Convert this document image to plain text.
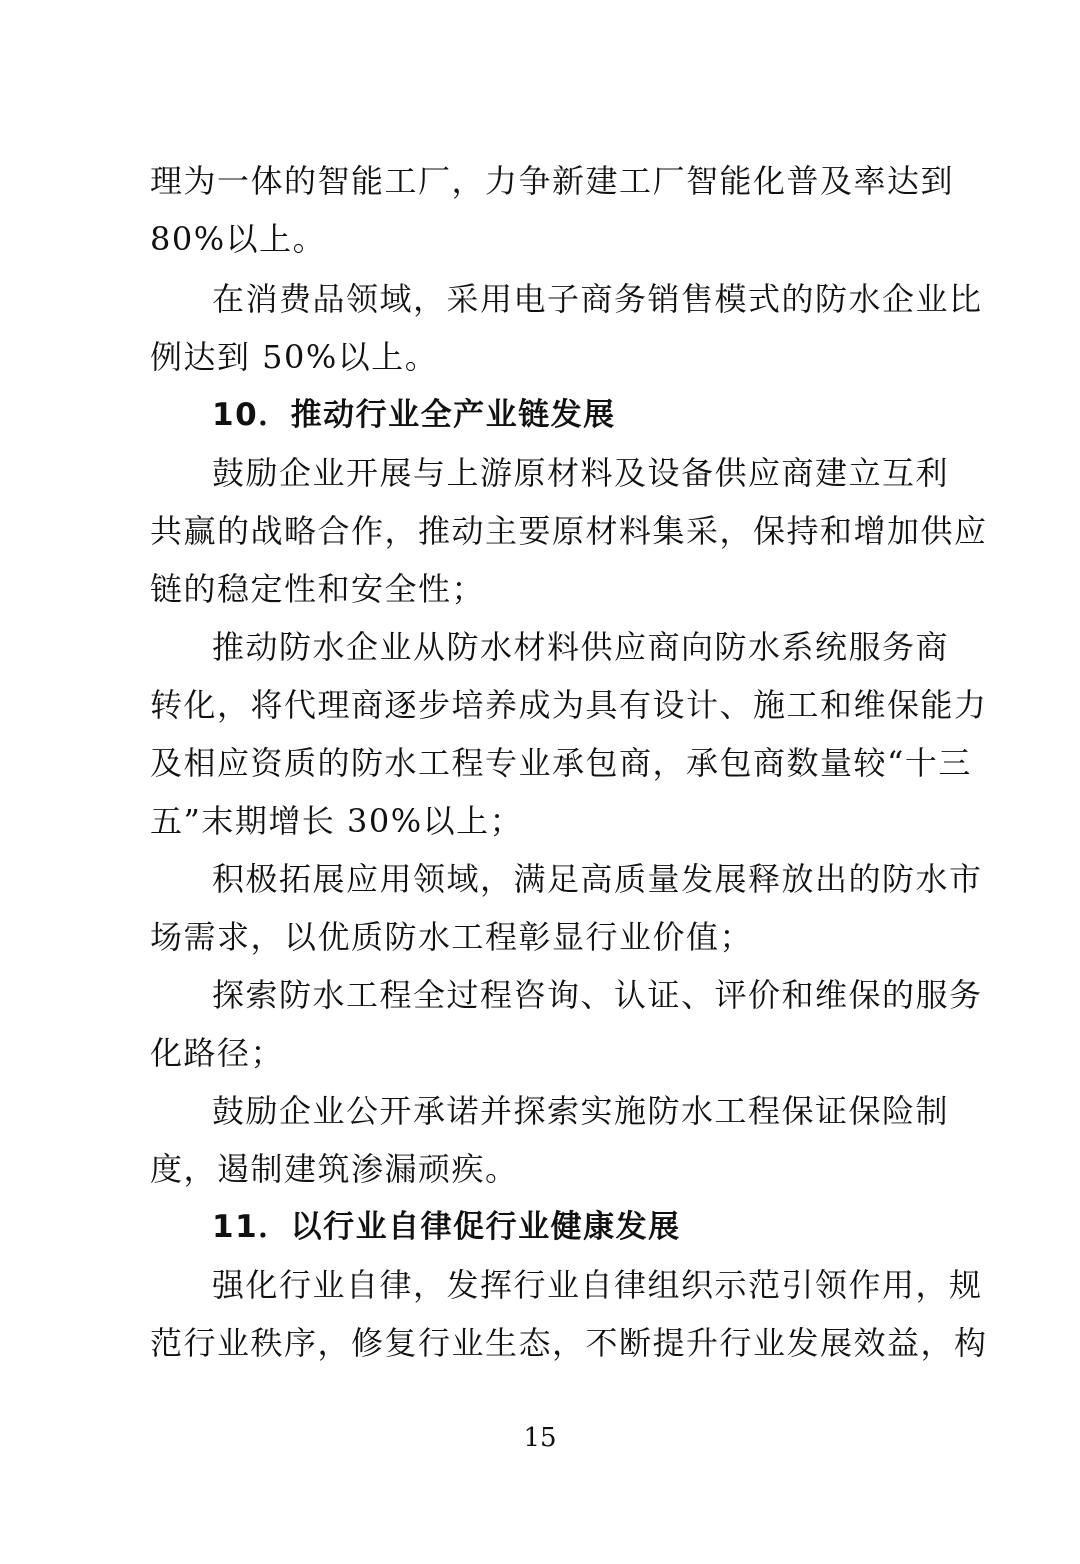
理为一体的智能工厂，力争新建工厂智能化普及率达到
80%以上。
在消费品领域，采用电子商务销售模式的防水企业比
例达到 50%以上。
10．推动行业全产业链发展
鼓励企业开展与上游原材料及设备供应商建立互利
共赢的战略合作，推动主要原材料集采，保持和增加供应
链的稳定性和安全性；
推动防水企业从防水材料供应商向防水系统服务商
转化，将代理商逐步培养成为具有设计、施工和维保能力
及相应资质的防水工程专业承包商，承包商数量较“十三
五”末期增长 30%以上；
积极拓展应用领域，满足高质量发展释放出的防水市
场需求，以优质防水工程彰显行业价值；
探索防水工程全过程咨询、认证、评价和维保的服务
化路径；
鼓励企业公开承诺并探索实施防水工程保证保险制
度，遏制建筑渗漏顽疾。
11．以行业自律促行业健康发展
强化行业自律，发挥行业自律组织示范引领作用，规
范行业秩序，修复行业生态，不断提升行业发展效益，构
15
